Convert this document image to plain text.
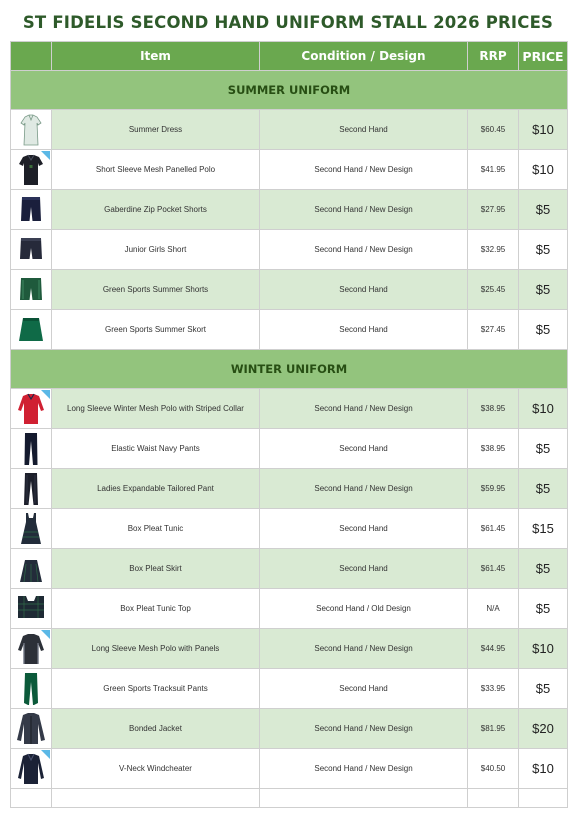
ST FIDELIS SECOND HAND UNIFORM STALL 2026 PRICES
	Item	Condition / Design	RRP	PRICE
SUMMER UNIFORM				

	Summer Dress	Second Hand	$60.45	$10

	Short Sleeve Mesh Panelled Polo	Second Hand / New Design	$41.95	$10

	Gaberdine Zip Pocket Shorts	Second Hand / New Design	$27.95	$5

	Junior Girls Short	Second Hand / New Design	$32.95	$5

	Green Sports Summer Shorts	Second Hand	$25.45	$5

	Green Sports Summer Skort	Second Hand	$27.45	$5
WINTER UNIFORM				

	Long Sleeve Winter Mesh Polo with Striped Collar	Second Hand / New Design	$38.95	$10

	Elastic Waist Navy Pants	Second Hand	$38.95	$5

	Ladies Expandable Tailored Pant	Second Hand / New Design	$59.95	$5

	Box Pleat Tunic	Second Hand	$61.45	$15

	Box Pleat Skirt	Second Hand	$61.45	$5

	Box Pleat Tunic Top	Second Hand / Old Design	N/A	$5

	Long Sleeve Mesh Polo with Panels	Second Hand / New Design	$44.95	$10

	Green Sports Tracksuit Pants	Second Hand	$33.95	$5

	Bonded Jacket	Second Hand / New Design	$81.95	$20

	V-Neck Windcheater	Second Hand / New Design	$40.50	$10
